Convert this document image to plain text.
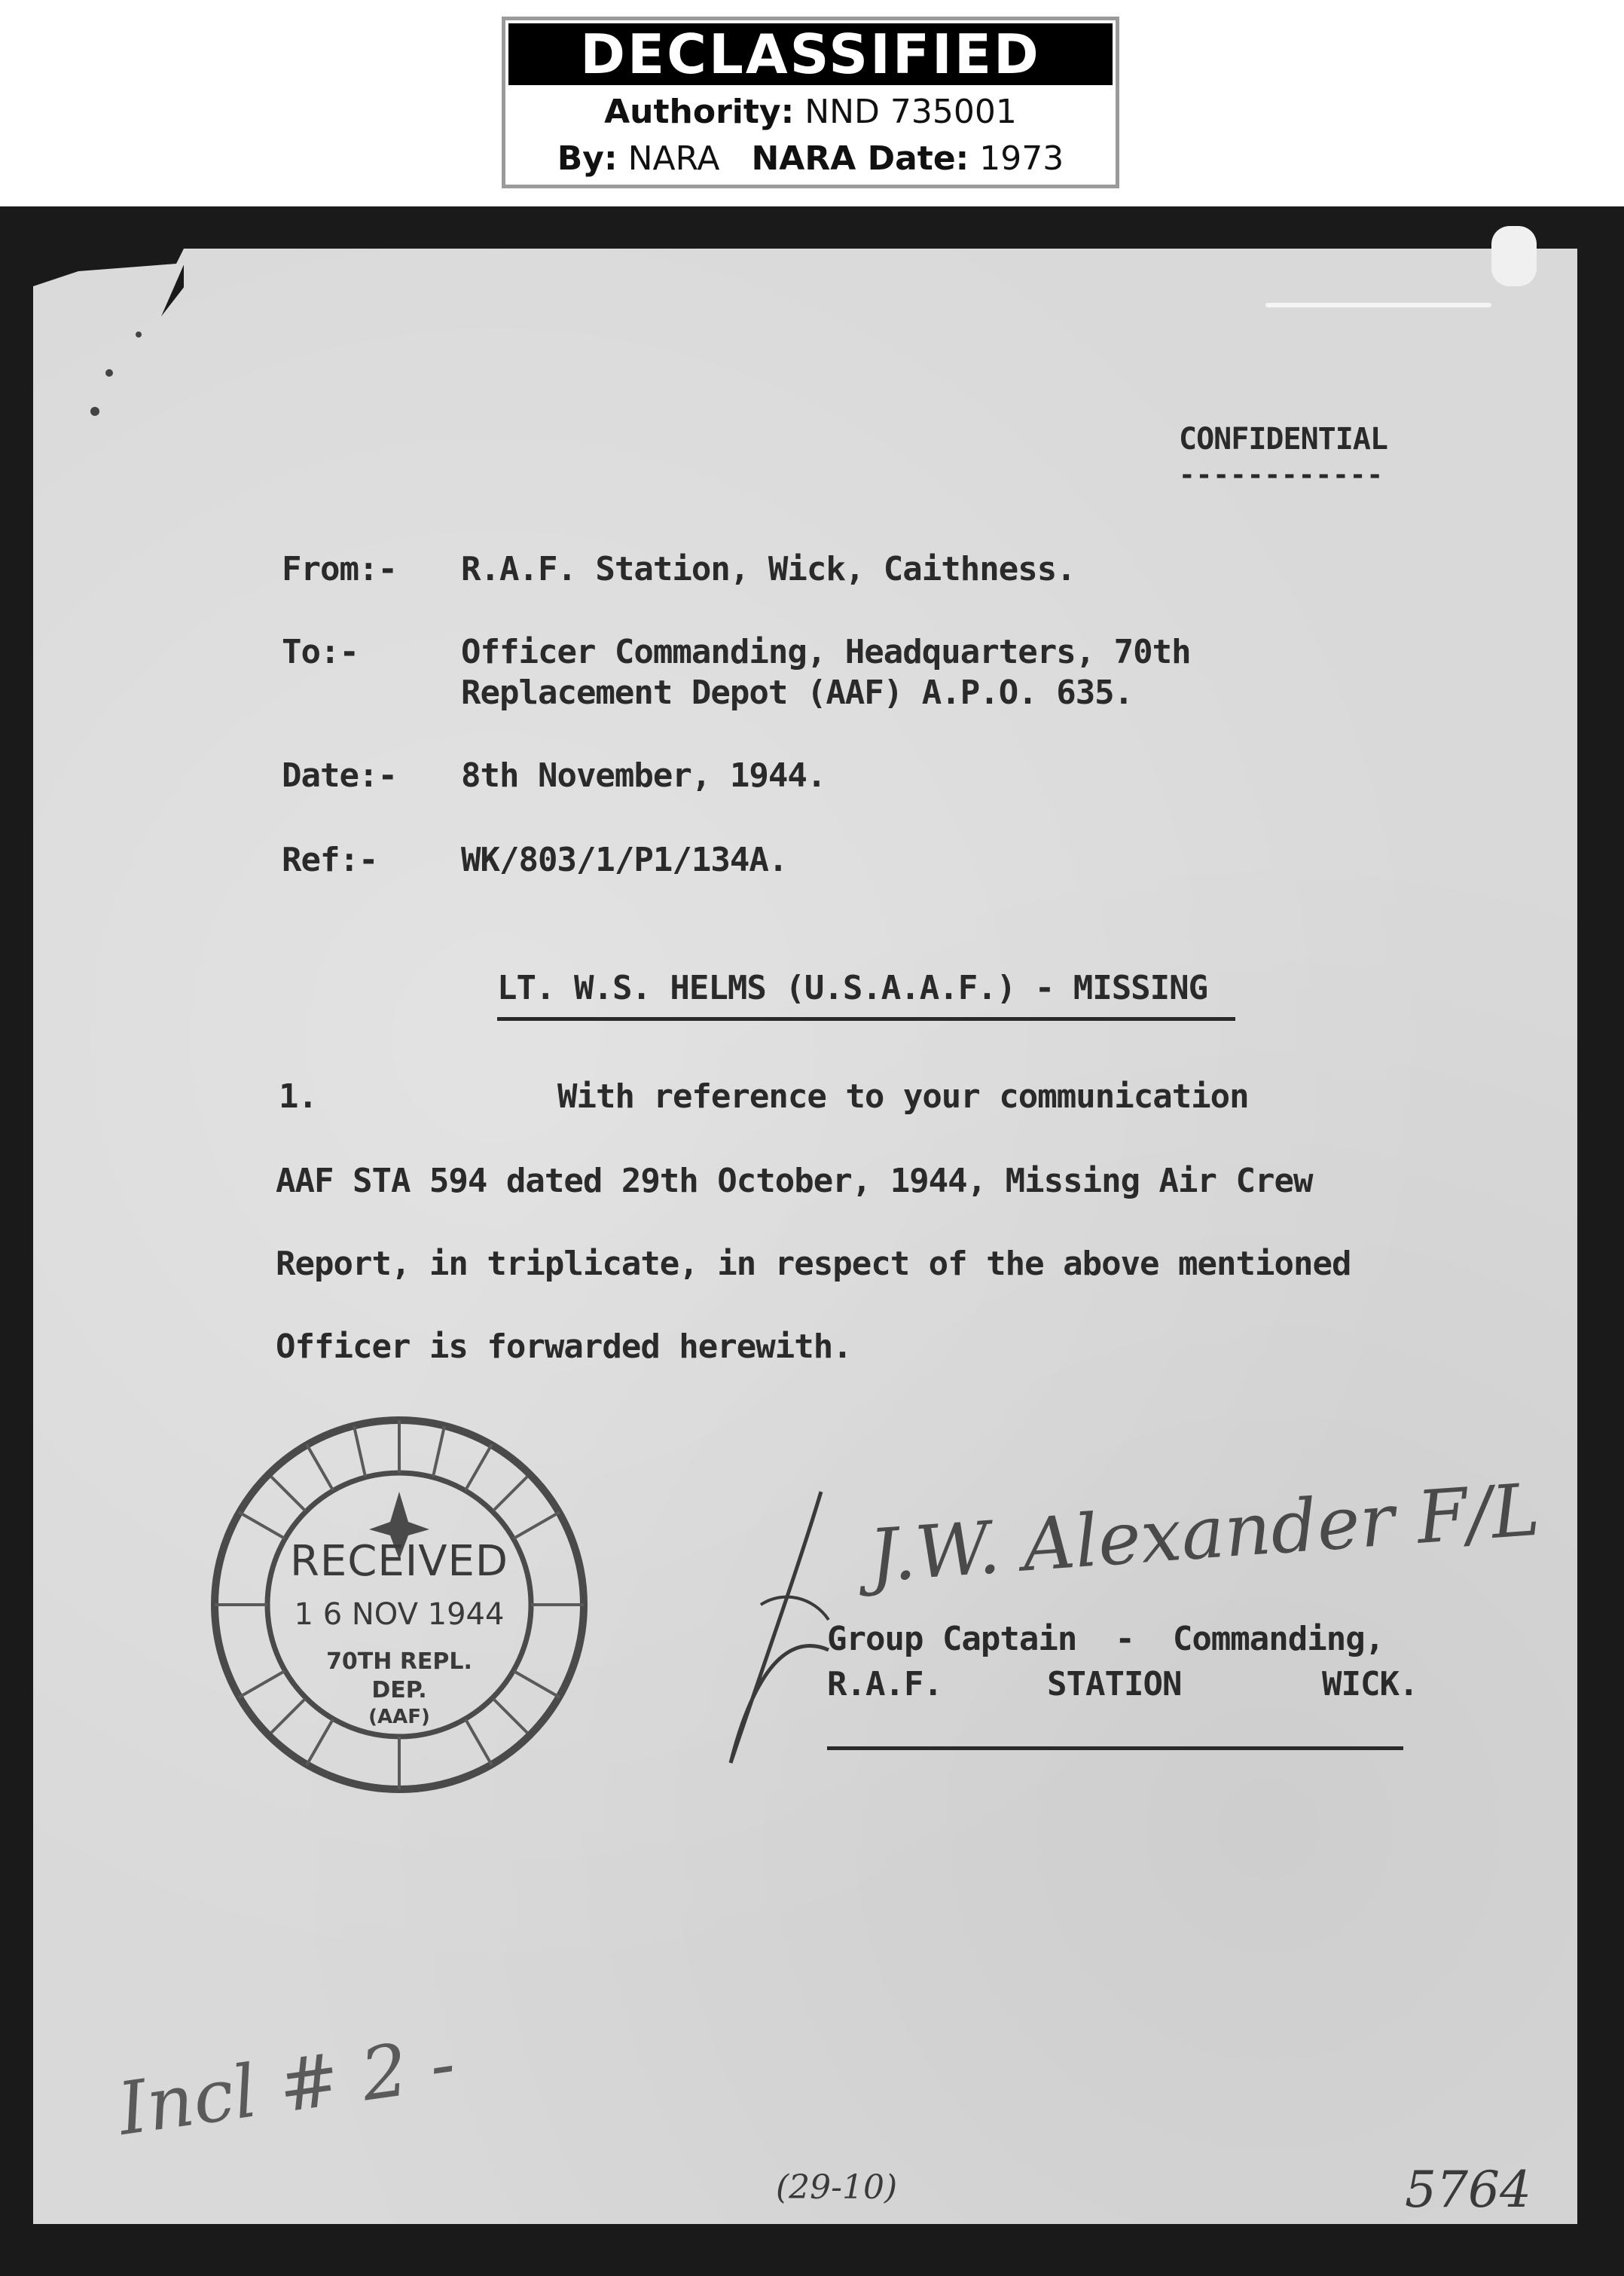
DECLASSIFIED
Authority: NND 735001
By: NARA NARA Date: 1973
CONFIDENTIAL
------------
From:- R.A.F. Station, Wick, Caithness.
To:-	Officer Commanding, Headquarters, 70th
Replacement Depot (AAF) A.P.O. 635.
Date:- 8th November, 1944.
Ref:-	WK/803/1/P1/134A.
LT. W.S. HELMS (U.S.A.A.F.) - MISSING
1.	With reference to your communication
AAF STA 594 dated 29th October, 1944, Missing Air Crew
Report, in triplicate, in respect of the above mentioned
Officer is forwarded herewith.
RECEIVED
1 6 NOV 1944
70TH REPL.
DEP.
(AAF)
J.W. Alexander F/L
Group Captain  -  Commanding,
R.A.F.	STATION	WICK.
Incl # 2 -
(29-10)	5764
